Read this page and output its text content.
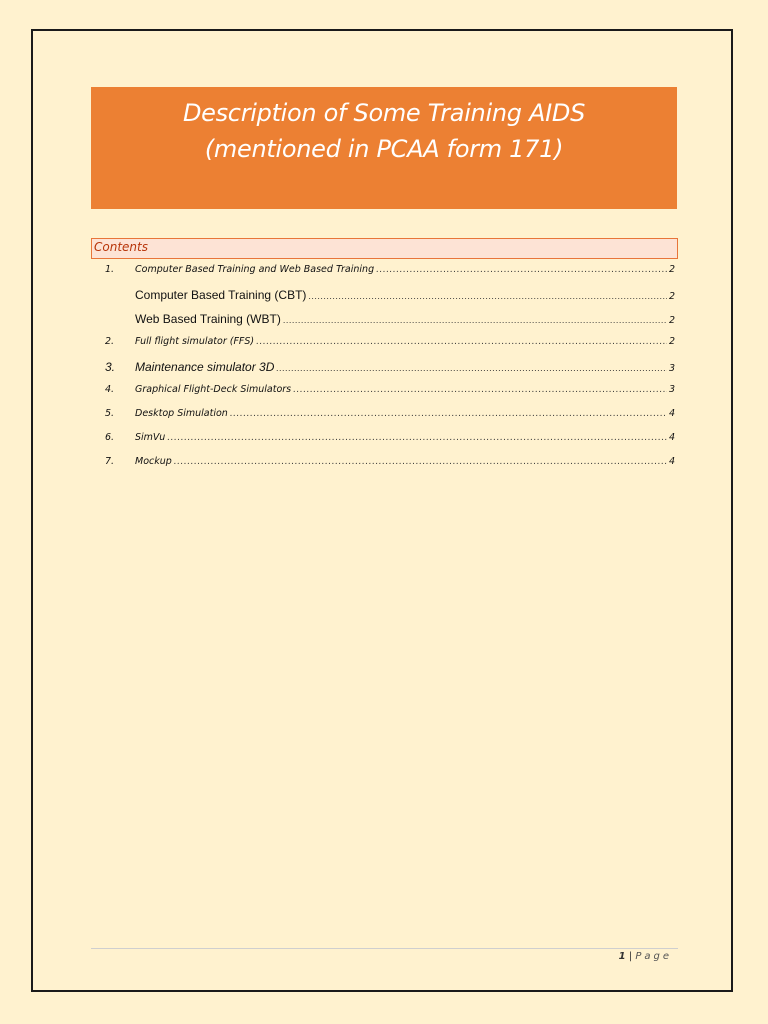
Description of Some Training AIDS
(mentioned in PCAA form 171)
Contents
1.	Computer Based Training and Web Based Training .....	2
Computer Based Training (CBT) .....	2
Web Based Training (WBT) .....	2
2.	Full flight simulator (FFS) .....	2
3.	Maintenance simulator 3D .....	3
4.	Graphical Flight-Deck Simulators .....	3
5.	Desktop Simulation .....	4
6.	SimVu .....	4
7.	Mockup .....	4
1 | Page
